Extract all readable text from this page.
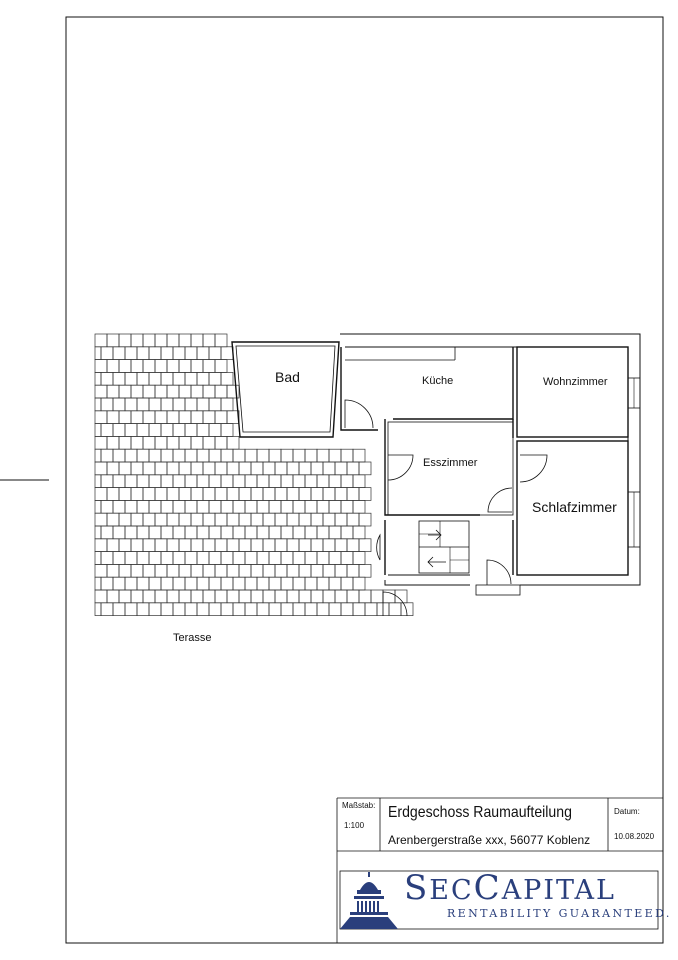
Bad	Küche	Wohnzimmer
Esszimmer
Schlafzimmer
Terasse
Maßstab:
1:100
Erdgeschoss Raumaufteilung
Arenbergerstraße xxx, 56077 Koblenz
Datum:
10.08.2020
SECCAPITAL
RENTABILITY GUARANTEED.
